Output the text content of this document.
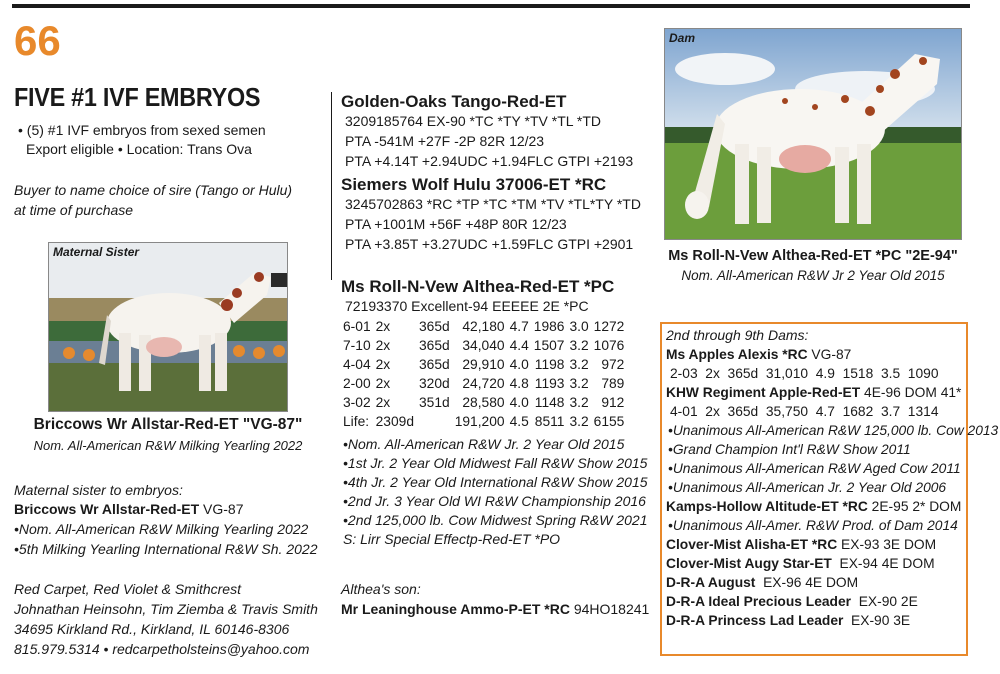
66
FIVE #1 IVF EMBRYOS
• (5) #1 IVF embryos from sexed semen
Export eligible • Location: Trans Ova
Buyer to name choice of sire (Tango or Hulu)
at time of purchase
Maternal Sister
Briccows Wr Allstar-Red-ET "VG-87"
Nom. All-American R&W Milking Yearling 2022
Maternal sister to embryos:
Briccows Wr Allstar-Red-ET VG-87
•Nom. All-American R&W Milking Yearling 2022
•5th Milking Yearling International R&W Sh. 2022
Red Carpet, Red Violet & Smithcrest
Johnathan Heinsohn, Tim Ziemba & Travis Smith
34695 Kirkland Rd., Kirkland, IL 60146-8306
815.979.5314 • redcarpetholsteins@yahoo.com
Golden-Oaks Tango-Red-ET
3209185764 EX-90 *TC *TY *TV *TL *TD
PTA -541M +27F -2P 82R 12/23
PTA +4.14T +2.94UDC +1.94FLC GTPI +2193
Siemers Wolf Hulu 37006-ET *RC
3245702863 *RC *TP *TC *TM *TV *TL*TY *TD
PTA +1001M +56F +48P 80R 12/23
PTA +3.85T +3.27UDC +1.59FLC GTPI +2901
Ms Roll-N-Vew Althea-Red-ET *PC
72193370 Excellent-94 EEEEE 2E *PC
6-01	2x	365d	42,180	4.7	1986	3.0	1272
7-10	2x	365d	34,040	4.4	1507	3.2	1076
4-04	2x	365d	29,910	4.0	1198	3.2	972
2-00	2x	320d	24,720	4.8	1193	3.2	789
3-02	2x	351d	28,580	4.0	1148	3.2	912
Life:	2309d		191,200	4.5	8511	3.2	6155
•Nom. All-American R&W Jr. 2 Year Old 2015
•1st Jr. 2 Year Old Midwest Fall R&W Show 2015
•4th Jr. 2 Year Old International R&W Show 2015
•2nd Jr. 3 Year Old WI R&W Championship 2016
•2nd 125,000 lb. Cow Midwest Spring R&W 2021
S: Lirr Special Effectp-Red-ET *PO
Althea's son:
Mr Leaninghouse Ammo-P-ET *RC 94HO18241
Dam
Ms Roll-N-Vew Althea-Red-ET *PC "2E-94"
Nom. All-American R&W Jr 2 Year Old 2015
2nd through 9th Dams:
Ms Apples Alexis *RC VG-87
2-03  2x  365d  31,010  4.9  1518  3.5  1090
KHW Regiment Apple-Red-ET 4E-96 DOM 41*
4-01  2x  365d  35,750  4.7  1682  3.7  1314
•Unanimous All-American R&W 125,000 lb. Cow 2013
•Grand Champion Int'l R&W Show 2011
•Unanimous All-American R&W Aged Cow 2011
•Unanimous All-American Jr. 2 Year Old 2006
Kamps-Hollow Altitude-ET *RC 2E-95 2* DOM
•Unanimous All-Amer. R&W Prod. of Dam 2014
Clover-Mist Alisha-ET *RC EX-93 3E DOM
Clover-Mist Augy Star-ET  EX-94 4E DOM
D-R-A August  EX-96 4E DOM
D-R-A Ideal Precious Leader  EX-90 2E
D-R-A Princess Lad Leader  EX-90 3E
